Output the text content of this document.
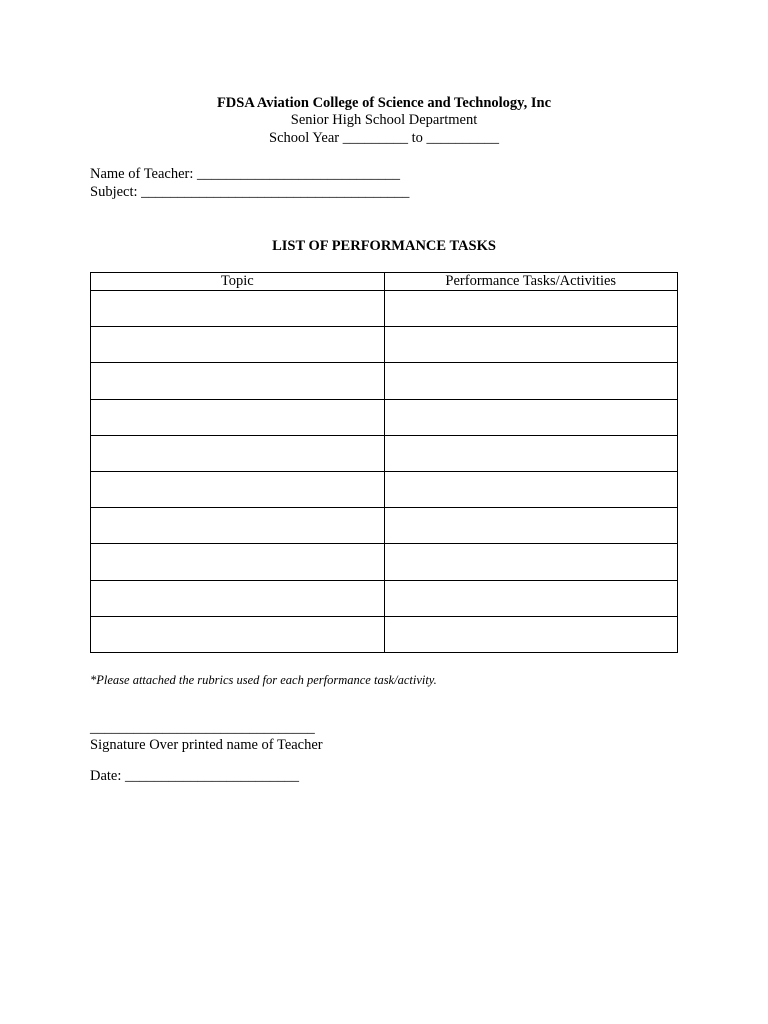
FDSA Aviation College of Science and Technology, Inc
Senior High School Department
School Year _________ to __________
Name of Teacher: ____________________________
Subject: _____________________________________
LIST OF PERFORMANCE TASKS
Topic	Performance Tasks/Activities

*Please attached the rubrics used for each performance task/activity.
_______________________________
Signature Over printed name of Teacher
Date: ________________________
